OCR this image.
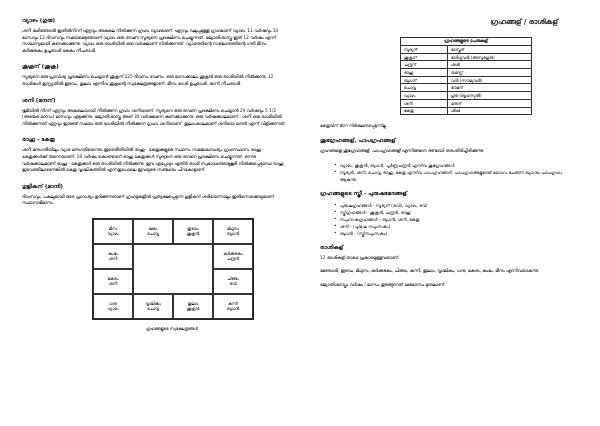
വ്യാഴം (ഗുരു)
ശനി കഴിഞ്ഞാൽ ഇതിൽനിന്ന് ഏറ്റവും അകലെ നിൽക്കുന്ന ഗ്രഹം വ്യാഴമാണ്. ഏറ്റവും വലുപ്പമുള്ള ഗ്രഹമാണ് വ്യാഴം. 11 വർഷവും 10 മാസവും 12 ദിവസവും സമയമെടുത്താണ് വ്യാഴം ഒരു തവണ സൂര്യനെ പ്രദക്ഷിണം ചെയ്യുന്നത്. ജ്യോതിശാസ്ത്ര ഇത് 12 വർഷം എന്ന് സാമാന്യമായി കണക്കാക്കുന്നു. വ്യാഴം ഒരു രാശിയിൽ ഒരു വർഷമാണ് നിൽക്കുന്നത്. വ്യാഴത്തിന്റെ സഞ്ചാരത്തിന്റെ ഗതി മീനം, കർക്കടകം ഉച്ചരാശി കേകം നീചരാശി.
ശുക്രന് (ശുക്ര)
സൂര്യനെ ഒരു പ്രാവിശ്യ പ്രദക്ഷിണം ചെയ്യാൻ ശുക്രന് 225 ദിവസം വേണം. ഒരു മാസക്കാലം ശുക്രൻ ഒരു രാശിയിൽ നിൽക്കുന്നു. 12 രാശികൾ ഇസ്സ്യതിൽ ഇടവം, തുലാം എന്നിവ ശുക്രന്റെ സ്വക്ഷേത്രങ്ങളാണ്. മീനം രാശി ഉച്ചരാശി. കന്നി നീചരാശി.
ശനി (മന്ദന്)
ഭൂമിയിൽ നിന്ന് ഏറ്റവും അകലെയായി നിൽക്കുന്ന ഗ്രഹം ശനിയാണ്. സൂര്യനെ ഒരു തവണ പ്രദക്ഷിണം ചെയ്യാൻ 29 വർഷവും 5 1/2 (അഞ്ചര മാസം) മാസവും എടുക്കുന്നു. ജ്യോതിശാസ്ത്ര അത് 30 വർഷമെന്ന കണക്കാക്കുന്നു. ഒരു വർഷക്കാലമാണ് - ശനി ഒരു രാശിയിൽ നിൽക്കുന്നത് ഏറ്റവും ഇരുണ്ട് സമയം ഒരു രാശിയിൽ നിൽക്കുന്ന ഗ്രഹം ശനിയാണ്. തുലാംകാലമാണ് ശനിയെ മന്ദൻ എന്ന് വിളിക്കുന്നത്.
രാഹു - കേതു
ശനി മന്ദഗതിയിലും വ്യാഴ മന്ദഗതിയെന്നും ഇതേരീതിയിൽ രാഹു - കേതുക്കളുടെ സ്ഥാനം സമജാമാവശ്യം ഗ്രഹസ്ഥാനം രാഹു - കേതുക്കൾക്ക് തന്നെയാണ്. 18 വർഷം കൊണ്ടാണ് രാഹു കേതുക്കൾ സൂര്യനെ ഒരു തവണ പ്രദക്ഷിണം ചെയ്യുന്നത്. ഒന്നര വർഷക്കാലമാണ് രാഹു - കേതുക്കൾ ഒരു രാശിയിൽ നിൽക്കുന്നു. ഇവ എപ്പോഴും എതിർ രാശി സ്വഭാവത്തോടുകൂടി നിൽക്കപ്പെടുമ്പോ രാഹു ഇടവത്തിലാണെങ്കിൽ കേതു വൃശ്ചികത്തിൽ എന്നതുപോലെ ഇവയുടെ സഞ്ചാരം പിറകോട്ടാണ്.
ഗുളികന് (മാന്ദി)
ദിവസവും, പകലുമായി ഒരേ പ്രാവശ്യം ഉദിക്കുന്നതാണ് ഗ്രഹമുകളിൽ പ്രത്യക്ഷപ്പെടുന്ന ഗുളികന് ശരിയെന്നാലും ഇതിനൊക്കെയുമാണ് സ്ഥാനാഭിമാനം.
മീനം
വ്യാഴം
മേടം
ചൊവ്വ
ഇടവം
ശുക്രൻ
മിഥുനം
ബുധൻ
കുംഭം
ശനി
കർക്കടകം
ചന്ദ്രൻ
മകരം
ശനി
ചിങ്ങം
രവി
ധനു
വ്യാഴം
വൃശ്ചികം
ചൊവ്വ
തുലാം
ശുക്രൻ
കന്നി
ബുധൻ
ഗ്രഹങ്ങളുടെ സ്വക്ഷേത്രങ്ങൾ
ഗ്രഹങ്ങള് / രാശികള്
ഗ്രഹങ്ങളുടെ പേരുകള്	
സൂര്യന്	ഭാസ്കര്
ശുക്രന്	ഭാർഗ്ഗവൻ (അസുരഗുരു)
ചന്ദ്രന്	ശശി
രാഹു	തമസ്സ്
ബുധന്	വൻ (സൗമ്യവൻ)
ചൊവ്വ	ഭൗമന്
വ്യാഴം	ഗുരു (ബൃഹസ്പതി)
ശനി	മന്ദന്
കേതു	ശിഖി
കേതുവിന് ഭിന്ന നിരീക്ഷണപ്പെടുന്നില്ല
ശുഭഗ്രഹങ്ങള്, പാപഗ്രഹങ്ങള്
ഗ്രഹങ്ങളെ ശുഭഗ്രഹങ്ങള്, പാപഗ്രഹങ്ങള് എന്നിങ്ങനെ രണ്ടായി തരംതിരിച്ചിരിക്കുന്നു.
• വ്യാഴം, ശുക്രൻ, ബുധൻ, പൂർണ്ണചന്ദ്രൻ എന്നിവ ശുഭഗ്രഹങ്ങൾ
• സൂര്യൻ, ശനി, ചൊവ്വ, രാഹു, കേതു എന്നിവ പാപഗ്രഹങ്ങൾ. പാപഗ്രഹങ്ങളുമായി യോഗം ചേരുന്ന ബുധനും പാപഗ്രഹം ആകുന്നു.
ഗ്രഹങ്ങളുടെ സ്ത്രീ - പുരുഷഭേദങ്ങള്
• പുരുഷഗ്രഹങ്ങൾ - സൂര്യന് (രവി), വ്യാഴം, രവി
• സ്ത്രീഗ്രഹങ്ങൾ - ശുക്രൻ, ചന്ദ്രൻ, രാഹു
• നപുംസകഗ്രഹങ്ങൾ - ബുധൻ, ശനി, കേതു
• ശനി - (പുരുഷ നപുംസകം)
• ബുധൻ - (സ്ത്രീനപുംസകം)
രാശികള്
12 രാശികള് താഴെ പ്രകാരമുള്ളവയാണ്.
മേടരാശി, ഇടവം, മിഥുനം, കർക്കടകം, ചിങ്ങം, കന്നി, തുലാം, വൃശ്ചികം, ധനു, മകരം, കുംഭം, മീനം എന്നിവയാകുന്നു.
ജ്യോതിശാസ്ത്രം വർഷം / മാസം തുടങ്ങുന്നത് മേടമാസം മുതലാണ്.
